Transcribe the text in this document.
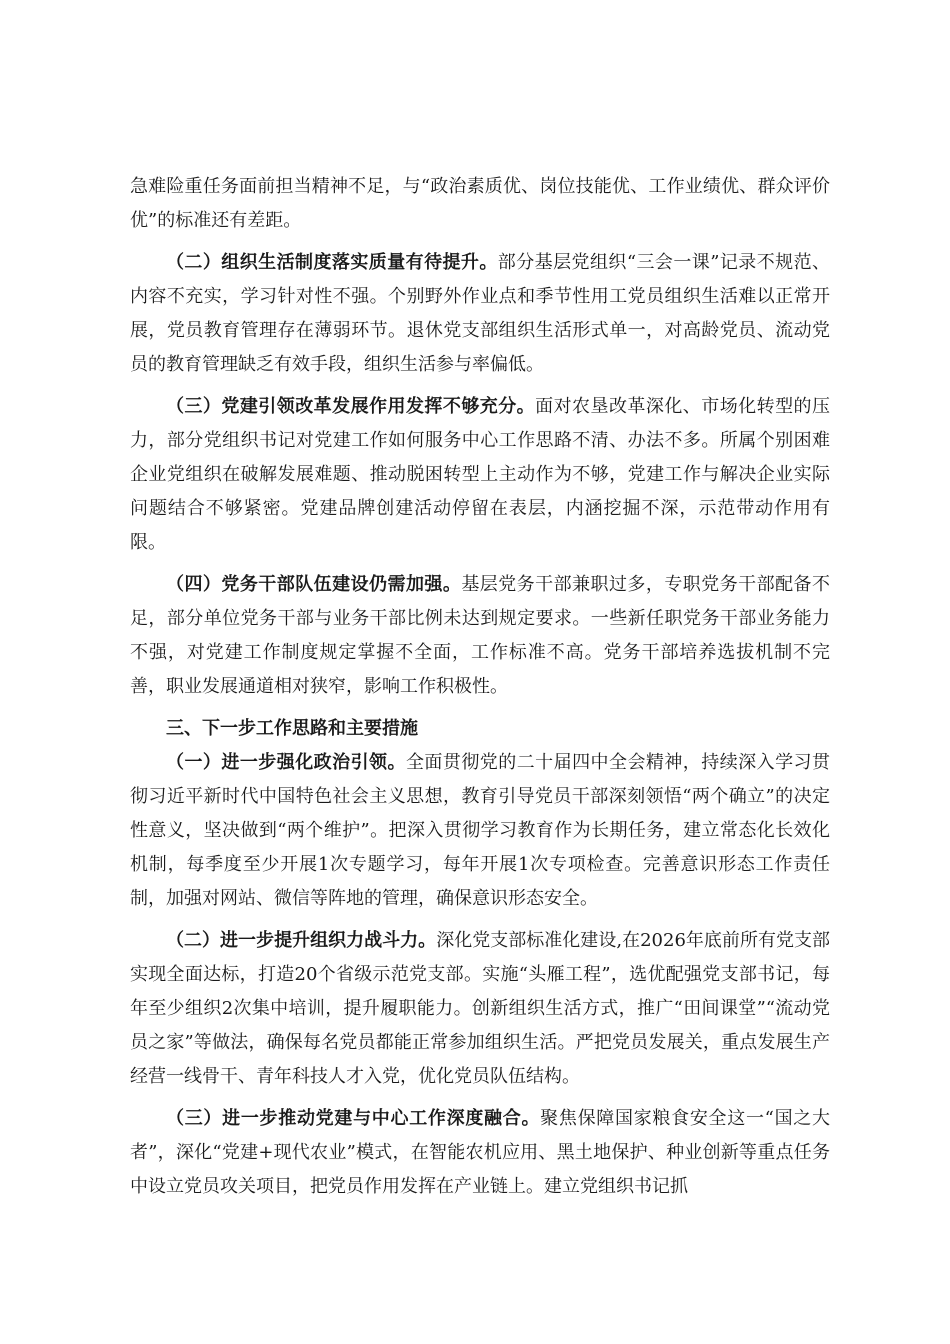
急难险重任务面前担当精神不足，与“政治素质优、岗位技能优、工作业绩优、群众评价优”的标准还有差距。

（二）组织生活制度落实质量有待提升。部分基层党组织“三会一课”记录不规范、内容不充实，学习针对性不强。个别野外作业点和季节性用工党员组织生活难以正常开展，党员教育管理存在薄弱环节。退休党支部组织生活形式单一，对高龄党员、流动党员的教育管理缺乏有效手段，组织生活参与率偏低。

（三）党建引领改革发展作用发挥不够充分。面对农垦改革深化、市场化转型的压力，部分党组织书记对党建工作如何服务中心工作思路不清、办法不多。所属个别困难企业党组织在破解发展难题、推动脱困转型上主动作为不够，党建工作与解决企业实际问题结合不够紧密。党建品牌创建活动停留在表层，内涵挖掘不深，示范带动作用有限。

（四）党务干部队伍建设仍需加强。基层党务干部兼职过多，专职党务干部配备不足，部分单位党务干部与业务干部比例未达到规定要求。一些新任职党务干部业务能力不强，对党建工作制度规定掌握不全面，工作标准不高。党务干部培养选拔机制不完善，职业发展通道相对狭窄，影响工作积极性。

三、下一步工作思路和主要措施

（一）进一步强化政治引领。全面贯彻党的二十届四中全会精神，持续深入学习贯彻习近平新时代中国特色社会主义思想，教育引导党员干部深刻领悟“两个确立”的决定性意义，坚决做到“两个维护”。把深入贯彻学习教育作为长期任务，建立常态化长效化机制，每季度至少开展1次专题学习，每年开展1次专项检查。完善意识形态工作责任制，加强对网站、微信等阵地的管理，确保意识形态安全。

（二）进一步提升组织力战斗力。深化党支部标准化建设,在2026年底前所有党支部实现全面达标，打造20个省级示范党支部。实施“头雁工程”，选优配强党支部书记，每年至少组织2次集中培训，提升履职能力。创新组织生活方式，推广“田间课堂”“流动党员之家”等做法，确保每名党员都能正常参加组织生活。严把党员发展关，重点发展生产经营一线骨干、青年科技人才入党，优化党员队伍结构。

（三）进一步推动党建与中心工作深度融合。聚焦保障国家粮食安全这一“国之大者”，深化“党建+现代农业”模式，在智能农机应用、黑土地保护、种业创新等重点任务中设立党员攻关项目，把党员作用发挥在产业链上。建立党组织书记抓
